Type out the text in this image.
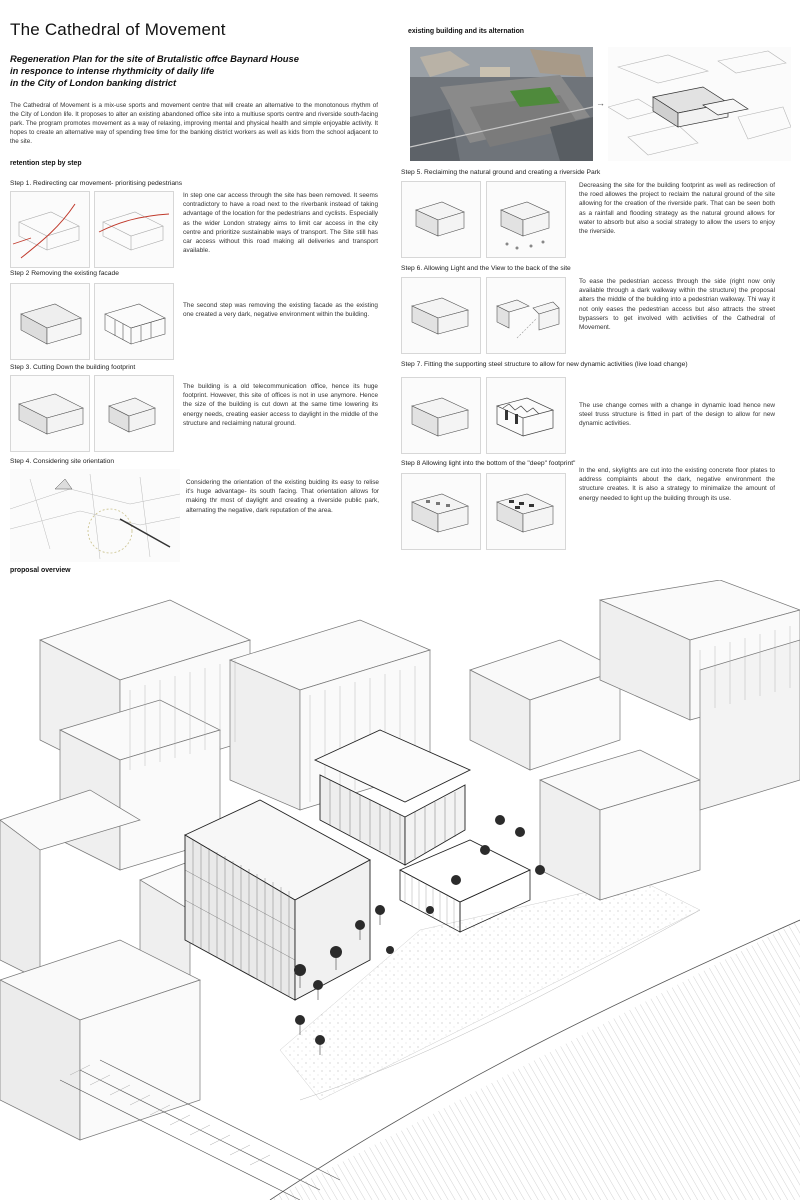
The Cathedral of Movement
Regeneration Plan for the site of Brutalistic offce Baynard House
in responce to intense rhythmicity of daily life
in the City of London banking district
The Cathedral of Movement is a mix-use sports and movement centre that will create an alternative to the monotonous rhythm of the City of London life. It proposes to alter an existing abandoned office site into a multiuse sports centre and riverside south-facing park. The program promotes movement as a way of relaxing, improving mental and physical health and simple enjoyable activity. It hopes to create an alternative way of spending free time for the banking district workers as well as kids from the school adjacent to the site.
retention step by step
existing building and its alternation
→
Step 1. Redirecting car movement- prioritising pedestrians
In step one car access through the site has been removed. It seems contradictory to have a road next to the riverbank instead of taking advantage of the location for the pedestrians and cyclists. Especially as the wider London strategy aims to limit car access in the city centre and prioritize sustainable ways of transport. The Site still has car access without this road making all deliveries and transport available.
Step 2 Removing the existing facade
The second step was removing the existing facade as the existing one created a very dark, negative environment within the building.
Step 3. Cutting Down the building footprint
The building is a old telecommunication office, hence its huge footprint. However, this site of offices is not in use anymore. Hence the size of the building is cut down at the same time lowering its energy needs, creating easier access to daylight in the middle of the structure and reclaiming natural ground.
Step 4. Considering site orientation
Considering the orientation of the existing buiding its easy to relise it's huge advantage- its south facing. That orientation allows for making thr most of daylight and creating a riverside public park, alternating the negative, dark reputation of the area.
Step 5. Reclaiming the natural ground and creating a riverside Park
Decreasing the site for the building footprint as well as redirection of the roed allowes the project to reclaim the natural ground of the site allowing for the creation of the riverside park. That can be seen both as a rainfall and flooding strategy as the natural ground allows for water to absorb but also a social strategy to allow the users to enjoy the riverside.
Step 6. Allowing Light and the View to the back of the site
To ease the pedestrian access through the side (right now only available through a dark walkway within the structure) the proposal alters the middle of the building into a pedestrian walkway. Thi way it not only eases the pedestrian access but also attracts the street bypassers to get involved with activities of the Cathedral of Movement.
Step 7. Fitting the supporting steel structure to allow for new dynamic activities (live load change)
The use change comes with a change in dynamic load hence new steel truss structure is fitted in part of the design to allow for new dynamic activities.
Step 8 Allowing light into the bottom of the "deep" footprint"
In the end, skylights are cut into the existing concrete floor plates to address complaints about the dark, negative environment the structure creates. It is also a strategy to minimalize the amount of energy needed to light up the building through its use.
proposal overview
